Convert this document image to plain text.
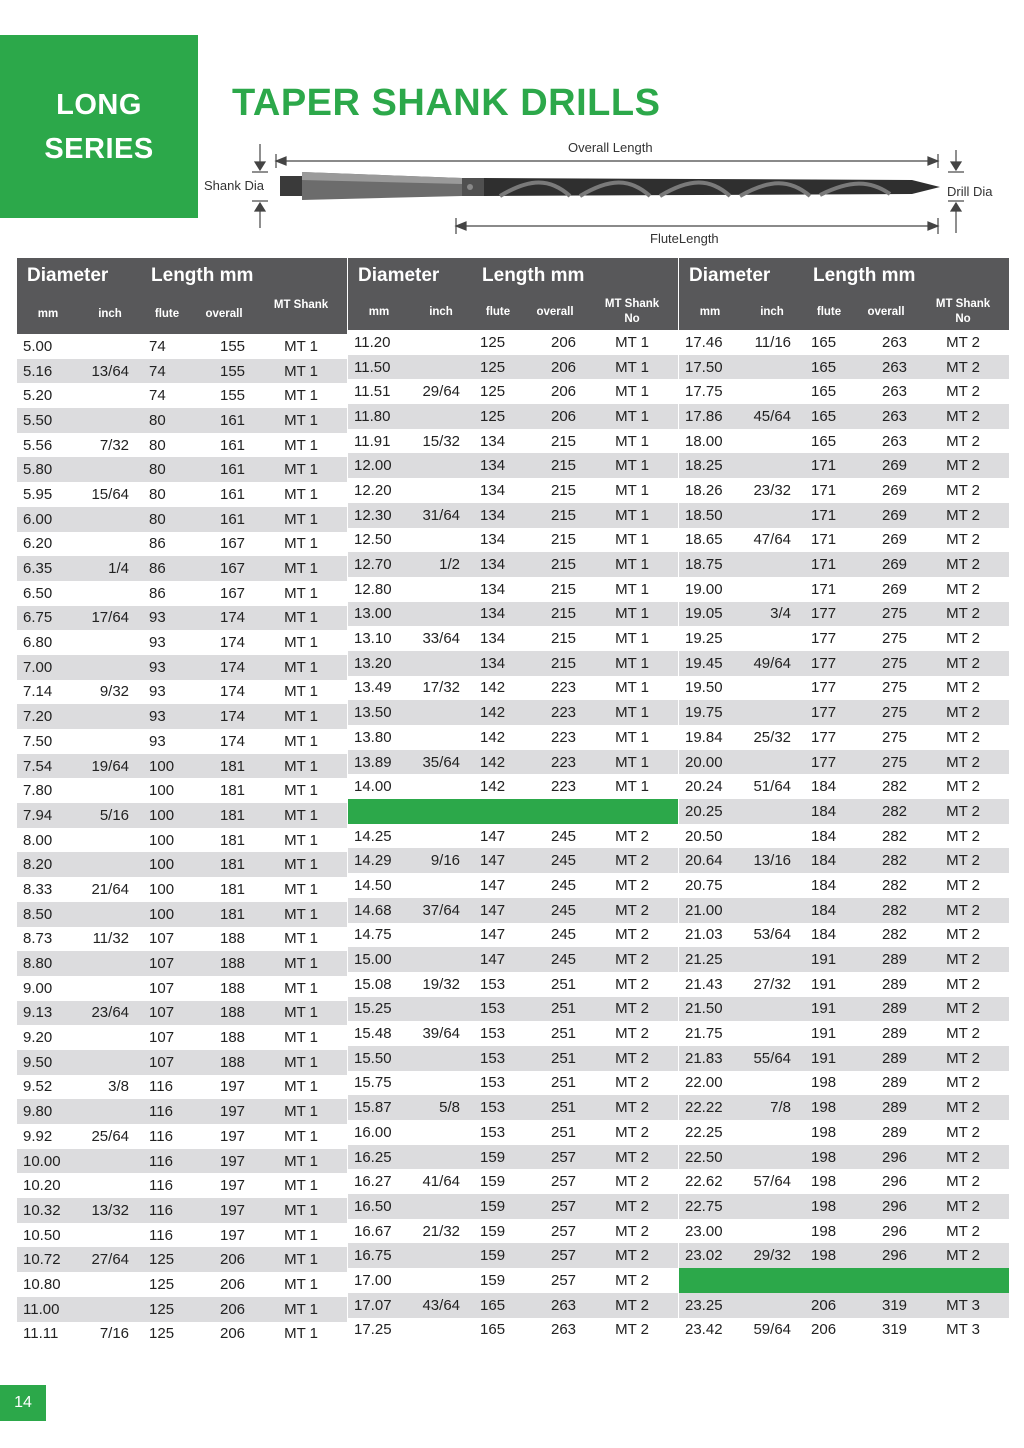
LONG
SERIES
TAPER SHANK DRILLS
Overall Length
Shank Dia	Drill Dia
FluteLength
Diameter		Length mm		
mm	inch	flute	overall	MT Shank
5.00		74	155	MT 1
5.16	13/64	74	155	MT 1
5.20		74	155	MT 1
5.50		80	161	MT 1
5.56	7/32	80	161	MT 1
5.80		80	161	MT 1
5.95	15/64	80	161	MT 1
6.00		80	161	MT 1
6.20		86	167	MT 1
6.35	1/4	86	167	MT 1
6.50		86	167	MT 1
6.75	17/64	93	174	MT 1
6.80		93	174	MT 1
7.00		93	174	MT 1
7.14	9/32	93	174	MT 1
7.20		93	174	MT 1
7.50		93	174	MT 1
7.54	19/64	100	181	MT 1
7.80		100	181	MT 1
7.94	5/16	100	181	MT 1
8.00		100	181	MT 1
8.20		100	181	MT 1
8.33	21/64	100	181	MT 1
8.50		100	181	MT 1
8.73	11/32	107	188	MT 1
8.80		107	188	MT 1
9.00		107	188	MT 1
9.13	23/64	107	188	MT 1
9.20		107	188	MT 1
9.50		107	188	MT 1
9.52	3/8	116	197	MT 1
9.80		116	197	MT 1
9.92	25/64	116	197	MT 1
10.00		116	197	MT 1
10.20		116	197	MT 1
10.32	13/32	116	197	MT 1
10.50		116	197	MT 1
10.72	27/64	125	206	MT 1
10.80		125	206	MT 1
11.00		125	206	MT 1
11.11	7/16	125	206	MT 1
Diameter		Length mm		
mm	inch	flute	overall	MT Shank No
11.20		125	206	MT 1
11.50		125	206	MT 1
11.51	29/64	125	206	MT 1
11.80		125	206	MT 1
11.91	15/32	134	215	MT 1
12.00		134	215	MT 1
12.20		134	215	MT 1
12.30	31/64	134	215	MT 1
12.50		134	215	MT 1
12.70	1/2	134	215	MT 1
12.80		134	215	MT 1
13.00		134	215	MT 1
13.10	33/64	134	215	MT 1
13.20		134	215	MT 1
13.49	17/32	142	223	MT 1
13.50		142	223	MT 1
13.80		142	223	MT 1
13.89	35/64	142	223	MT 1
14.00		142	223	MT 1

14.25		147	245	MT 2
14.29	9/16	147	245	MT 2
14.50		147	245	MT 2
14.68	37/64	147	245	MT 2
14.75		147	245	MT 2
15.00		147	245	MT 2
15.08	19/32	153	251	MT 2
15.25		153	251	MT 2
15.48	39/64	153	251	MT 2
15.50		153	251	MT 2
15.75		153	251	MT 2
15.87	5/8	153	251	MT 2
16.00		153	251	MT 2
16.25		159	257	MT 2
16.27	41/64	159	257	MT 2
16.50		159	257	MT 2
16.67	21/32	159	257	MT 2
16.75		159	257	MT 2
17.00		159	257	MT 2
17.07	43/64	165	263	MT 2
17.25		165	263	MT 2
Diameter		Length mm		
mm	inch	flute	overall	MT Shank No
17.46	11/16	165	263	MT 2
17.50		165	263	MT 2
17.75		165	263	MT 2
17.86	45/64	165	263	MT 2
18.00		165	263	MT 2
18.25		171	269	MT 2
18.26	23/32	171	269	MT 2
18.50		171	269	MT 2
18.65	47/64	171	269	MT 2
18.75		171	269	MT 2
19.00		171	269	MT 2
19.05	3/4	177	275	MT 2
19.25		177	275	MT 2
19.45	49/64	177	275	MT 2
19.50		177	275	MT 2
19.75		177	275	MT 2
19.84	25/32	177	275	MT 2
20.00		177	275	MT 2
20.24	51/64	184	282	MT 2
20.25		184	282	MT 2
20.50		184	282	MT 2
20.64	13/16	184	282	MT 2
20.75		184	282	MT 2
21.00		184	282	MT 2
21.03	53/64	184	282	MT 2
21.25		191	289	MT 2
21.43	27/32	191	289	MT 2
21.50		191	289	MT 2
21.75		191	289	MT 2
21.83	55/64	191	289	MT 2
22.00		198	289	MT 2
22.22	7/8	198	289	MT 2
22.25		198	289	MT 2
22.50		198	296	MT 2
22.62	57/64	198	296	MT 2
22.75		198	296	MT 2
23.00		198	296	MT 2
23.02	29/32	198	296	MT 2

23.25		206	319	MT 3
23.42	59/64	206	319	MT 3
14
